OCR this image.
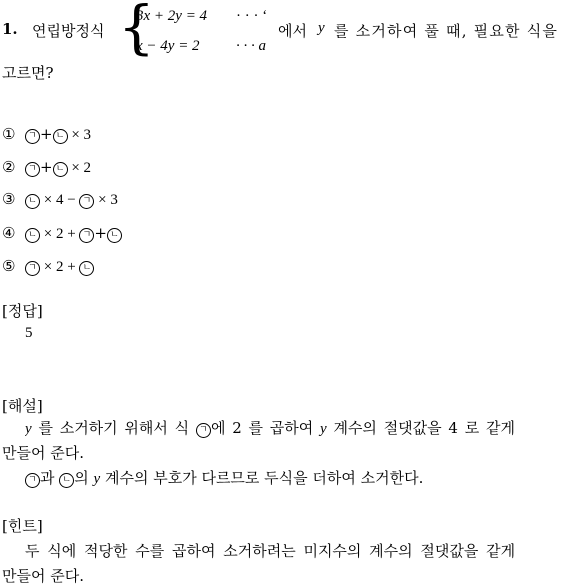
1. 연립방정식 {
3x + 2y = 4 · · · ‘
x − 4y = 2 · · · a
에서 y 를 소거하여 풀 때, 필요한 식을
고르면?
① ㄱ + ㄴ × 3
② ㄱ + ㄴ × 2
③ ㄴ × 4 − ㄱ × 3
④ ㄴ × 2 + ㄱ + ㄴ
⑤ ㄱ × 2 + ㄴ
[정답]
5
[해설]
y 를 소거하기 위해서 식 ㄱ 에 2 를 곱하여 y 계수의 절댓값을 4 로 같게
만들어 준다.
ㄱ 과 ㄴ 의 y 계수의 부호가 다르므로 두식을 더하여 소거한다.
[힌트]
두 식에 적당한 수를 곱하여 소거하려는 미지수의 계수의 절댓값을 같게
만들어 준다.
